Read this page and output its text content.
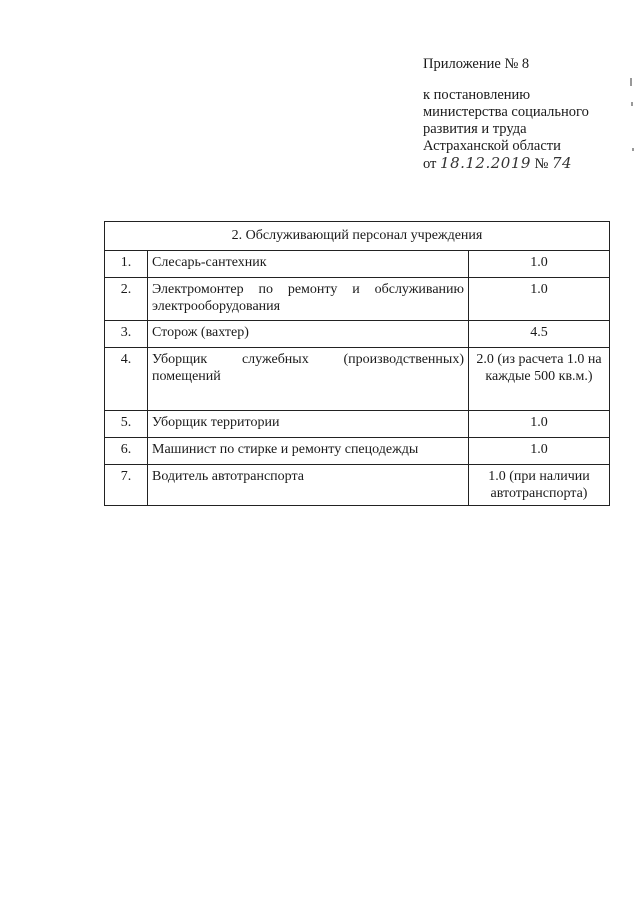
Приложение № 8
к постановлению
министерства социального
развития и труда
Астраханской области
от 18.12.2019 № 74
2. Обслуживающий персонал учреждения		
1.	Слесарь-сантехник	1.0
2.	Электромонтер по ремонту и обслуживанию электрооборудования	1.0
3.	Сторож (вахтер)	4.5
4.	Уборщик служебных (производственных) помещений	2.0 (из расчета 1.0 на каждые 500 кв.м.)
5.	Уборщик территории	1.0
6.	Машинист по стирке и ремонту спецодежды	1.0
7.	Водитель автотранспорта	1.0 (при наличии автотранспорта)
